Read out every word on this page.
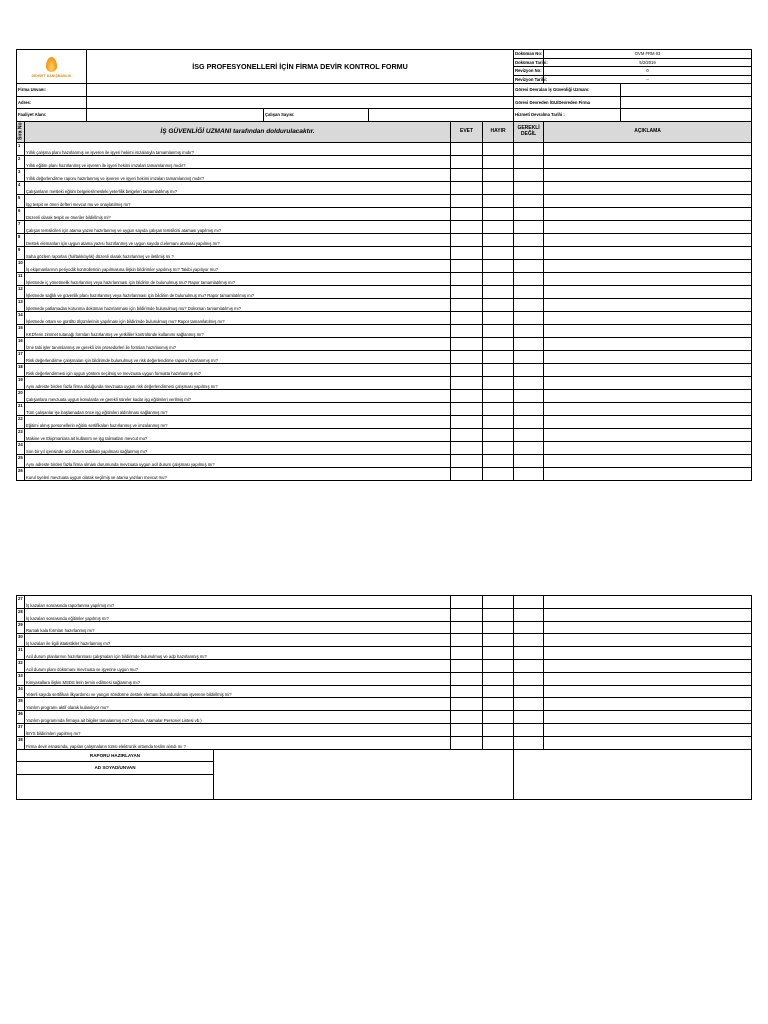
DEHSET DANIŞMANLIK		İSG PROFESYONELLERİ İÇİN FİRMA DEVİR KONTROL FORMU					Doküman No:	OVM FRM 03	
							Doküman Tarihi:	5/2/2019	
							Revizyon No:	0	
							Revizyon Tarihi:	--	
Firma Unvanı:							Görevi Devralan İş Güvenliği Uzmanı:		
Adres:							Görevi Devreden İGU/Devreden Firma		
Faaliyet Alanı:			Çalışan Sayısı:				Hizmeti Devralma Tarihi :		
Sıra No	İŞ GÜVENLİĞİ UZMANI tarafından doldurulacaktır.				EVET	HAYIR	GEREKLİ DEĞİL	AÇIKLAMA	
1	Yıllık çalışma planı hazırlanmış ve işveren ile işyeri hekimi imzalarıyla tamamlanmış mıdır?								
2	Yıllık eğitim planı hazırlanmış ve işveren ile işyeri hekimi imzaları tamamlanmış mıdır?								
3	Yıllık değerlendirme raporu hazırlanmış ve işveren ve işyeri hekimi imzaları tamamlanmış mıdır?								
4	Çalışanların mesleki eğitim belgeleri/mesleki yeterlilik belgeleri tamamlatılmış mı?								
5	İşg tespit ve öneri defteri mevcut mu ve onaylatılmış mı?								
6	Düzenli olarak tespit ve öneriler bildirilmiş mi?								
7	Çalışan temsilcileri için atama yazısı hazırlanmış ve uygun sayıda çalışan temsilcisi ataması yapılmış mı?								
8	Destek elemanları için uygun atama yazısı hazırlanmış ve uygun sayıda d.elemanı ataması yapılmış mı?								
9	Saha gözlem raporları (haftalık/aylık) düzenli olarak hazırlanmış ve iletilmiş mi ?								
10	İş ekipmanlarının periyodik kontrollerinin yapılmasına ilişkin bildirimler yapılmış mı? Takibi yapılıyor mu?								
11	İşletmede iç yönetmelik hazırlanmış veya hazırlanması için bildirim de bulunulmuş mu? Rapor tamamlatılmış mı?								
12	İşletmede sağlık ve güvenlik planı hazırlanmış veya hazırlanması için bildirim de bulunulmuş mu? Rapor tamamlatılmış mı?								
13	İşletmede patlamadan korunma doküman hazırlanması için bildirimde bulunulmuş mu? Doküman tamamlatılmış mı?								
14	İşletmede ortam ve gürültü ölçümlerinin yapılması için bildirimde bulunulmuş mu? Rapor tamamlatılmış mı?								
15	KKD'lerin zimmet tutanağı formları hazırlanmış ve yetkililer kontrolünde kullanımı sağlanmış mı?								
16	İzne tabi işler tanımlanmış ve gerekli izin prosedürleri ile formları hazırlanmış mı?								
17	Risk değerlendirme çalışmaları için bildirimde bulunulmuş ve risk değerlendirme raporu hazırlanmış mı?								
18	Risk değerlendirmesi için uygun yöntem seçilmiş ve mevzuata uygun formatta hazırlanmış mı?								
19	Aynı adreste birden fazla firma olduğunda mevzuata uygun risk değerlendirmesi çalışması yapılmış mı?								
20	Çalışanlara mevzuata uygun konularda ve gerekli süreler kadar işg eğitimleri verilmiş mi?								
21	Tüm çalışanlar işe başlamadan önce işg eğitimleri aldırılması sağlanmış mı?								
22	Eğitimi almış personellerin eğitim sertifikaları hazırlanmış ve imzalanmış mı?								
23	Makine ve Ekipmanlara ait kullanım ve işg talimatları mevcut mu?								
24	Son bir yıl içerisinde acil durum tatbikatı yapılması sağlanmış mı?								
25	Aynı adreste birden fazla firma olması durumunda mevzuata uygun acil durum çalışması yapılmış mı?								
26	Kurul üyeleri mevzuata uygun olarak seçilmiş ve atama yazıları mevcut mu?								
27	İş kazaları sonrasında raporlanma yapılmış mı?					
28	İş kazaları sonrasında eğitimler yapılmış mı?					
29	Ramak kala formları hazırlanmış mı?					
30	İş kazaları ile ilgili istatistikler hazırlanmış mı?					
31	Acil durum planlarının hazırlanması çalışmaları için bildirimde bulunulmuş ve adp hazırlanmış mı?					
32	Acil durum planı dokümanı mevzuata ve işyerine uygun mu?					
33	Kimyasallara ilişkin MSDS lerin temin edilmesi sağlanmış mı?					
34	Yeterli sayıda sertifikalı ilkyardımcı ve yangın söndürme destek elemanı bulundurulması işverene bildirilmiş mi?					
35	Yazılım programı aktif olarak kulanılıyor mu?					
36	Yazılım programında firmaya ait bilgiler tamalanmış mı? (Unvan, Atamalar Personel Listesi vb.)					
37	İBYS bildirimleri yapılmış mı?					
38	Firma devir esnasında, yapılan çalışmaların tümü elektronik ortamda teslim alındı mı ?					
RAPORU HAZIRLAYAN						
AD SOYAD/UNVAN						
